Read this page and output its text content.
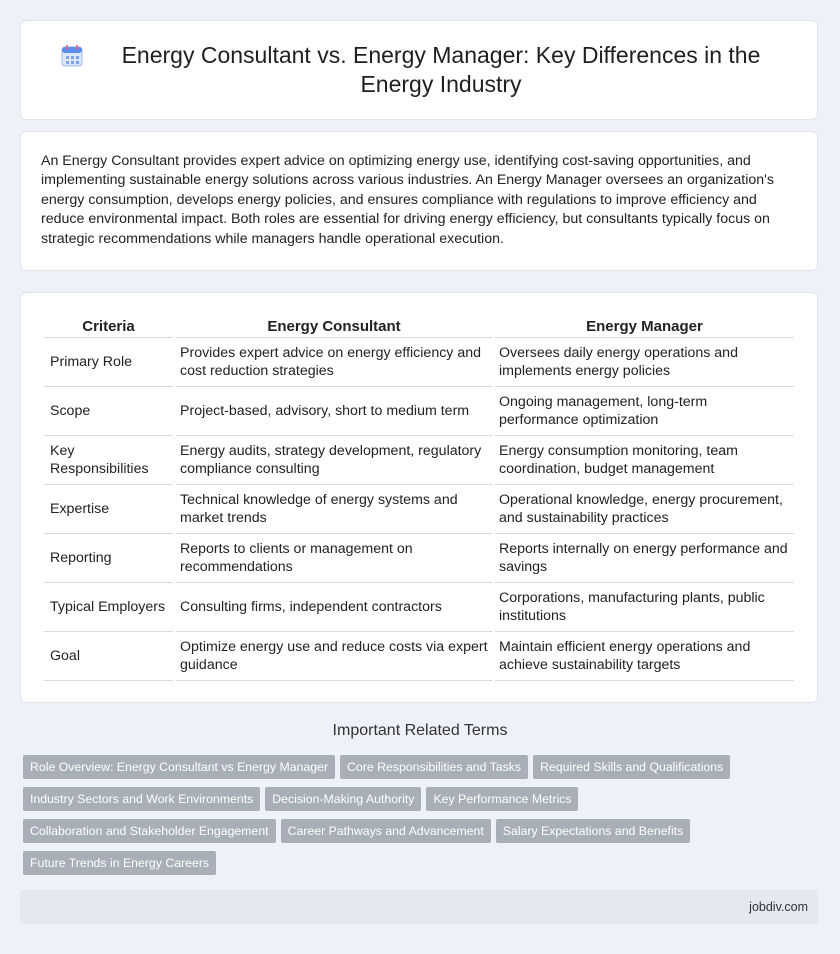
Energy Consultant vs. Energy Manager: Key Differences in the Energy Industry

An Energy Consultant provides expert advice on optimizing energy use, identifying cost-saving opportunities, and implementing sustainable energy solutions across various industries. An Energy Manager oversees an organization's energy consumption, develops energy policies, and ensures compliance with regulations to improve efficiency and reduce environmental impact. Both roles are essential for driving energy efficiency, but consultants typically focus on strategic recommendations while managers handle operational execution.

Criteria	Energy Consultant	Energy Manager
Primary Role	Provides expert advice on energy efficiency and cost reduction strategies	Oversees daily energy operations and implements energy policies
Scope	Project-based, advisory, short to medium term	Ongoing management, long-term performance optimization
Key Responsibilities	Energy audits, strategy development, regulatory compliance consulting	Energy consumption monitoring, team coordination, budget management
Expertise	Technical knowledge of energy systems and market trends	Operational knowledge, energy procurement, and sustainability practices
Reporting	Reports to clients or management on recommendations	Reports internally on energy performance and savings
Typical Employers	Consulting firms, independent contractors	Corporations, manufacturing plants, public institutions
Goal	Optimize energy use and reduce costs via expert guidance	Maintain efficient energy operations and achieve sustainability targets
Important Related Terms
Role Overview: Energy Consultant vs Energy Manager Core Responsibilities and Tasks Required Skills and Qualifications
Industry Sectors and Work Environments Decision-Making Authority Key Performance Metrics
Collaboration and Stakeholder Engagement Career Pathways and Advancement Salary Expectations and Benefits
Future Trends in Energy Careers
jobdiv.com
